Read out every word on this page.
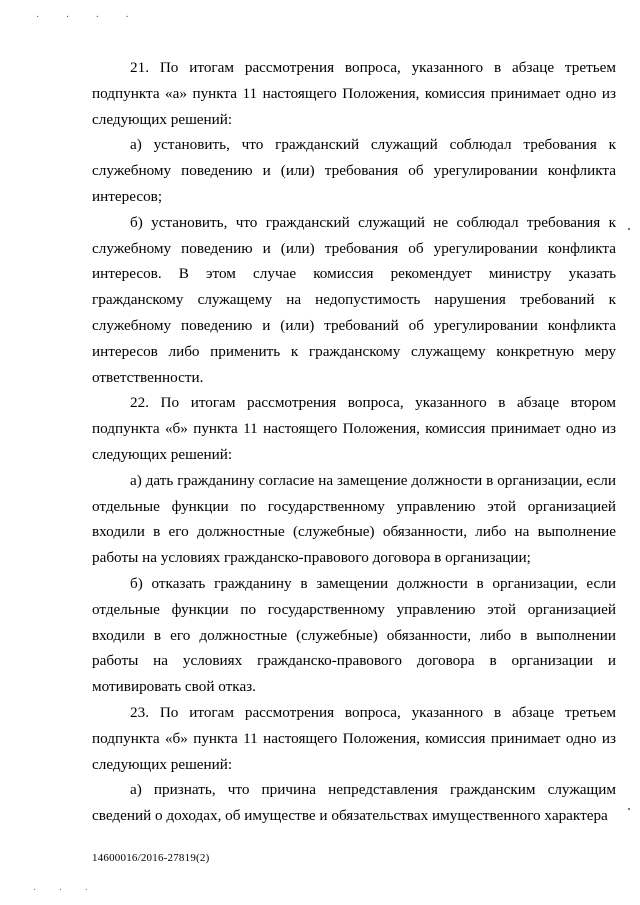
· · · ·

21. По итогам рассмотрения вопроса, указанного в абзаце третьем подпункта «а» пункта 11 настоящего Положения, комиссия принимает одно из следующих решений:

а) установить, что гражданский служащий соблюдал требования к служебному поведению и (или) требования об урегулировании конфликта интересов;

б) установить, что гражданский служащий не соблюдал требования к служебному поведению и (или) требования об урегулировании конфликта интересов. В этом случае комиссия рекомендует министру указать гражданскому служащему на недопустимость нарушения требований к служебному поведению и (или) требований об урегулировании конфликта интересов либо применить к гражданскому служащему конкретную меру ответственности.

22. По итогам рассмотрения вопроса, указанного в абзаце втором подпункта «б» пункта 11 настоящего Положения, комиссия принимает одно из следующих решений:

а) дать гражданину согласие на замещение должности в организации, если отдельные функции по государственному управлению этой организацией входили в его должностные (служебные) обязанности, либо на выполнение работы на условиях гражданско-правового договора в организации;

б) отказать гражданину в замещении должности в организации, если отдельные функции по государственному управлению этой организацией входили в его должностные (служебные) обязанности, либо в выполнении работы на условиях гражданско-правового договора в организации и мотивировать свой отказ.

23. По итогам рассмотрения вопроса, указанного в абзаце третьем подпункта «б» пункта 11 настоящего Положения, комиссия принимает одно из следующих решений:

а) признать, что причина непредставления гражданским служащим сведений о доходах, об имуществе и обязательствах имущественного характера

14600016/2016-27819(2)
· · ·
